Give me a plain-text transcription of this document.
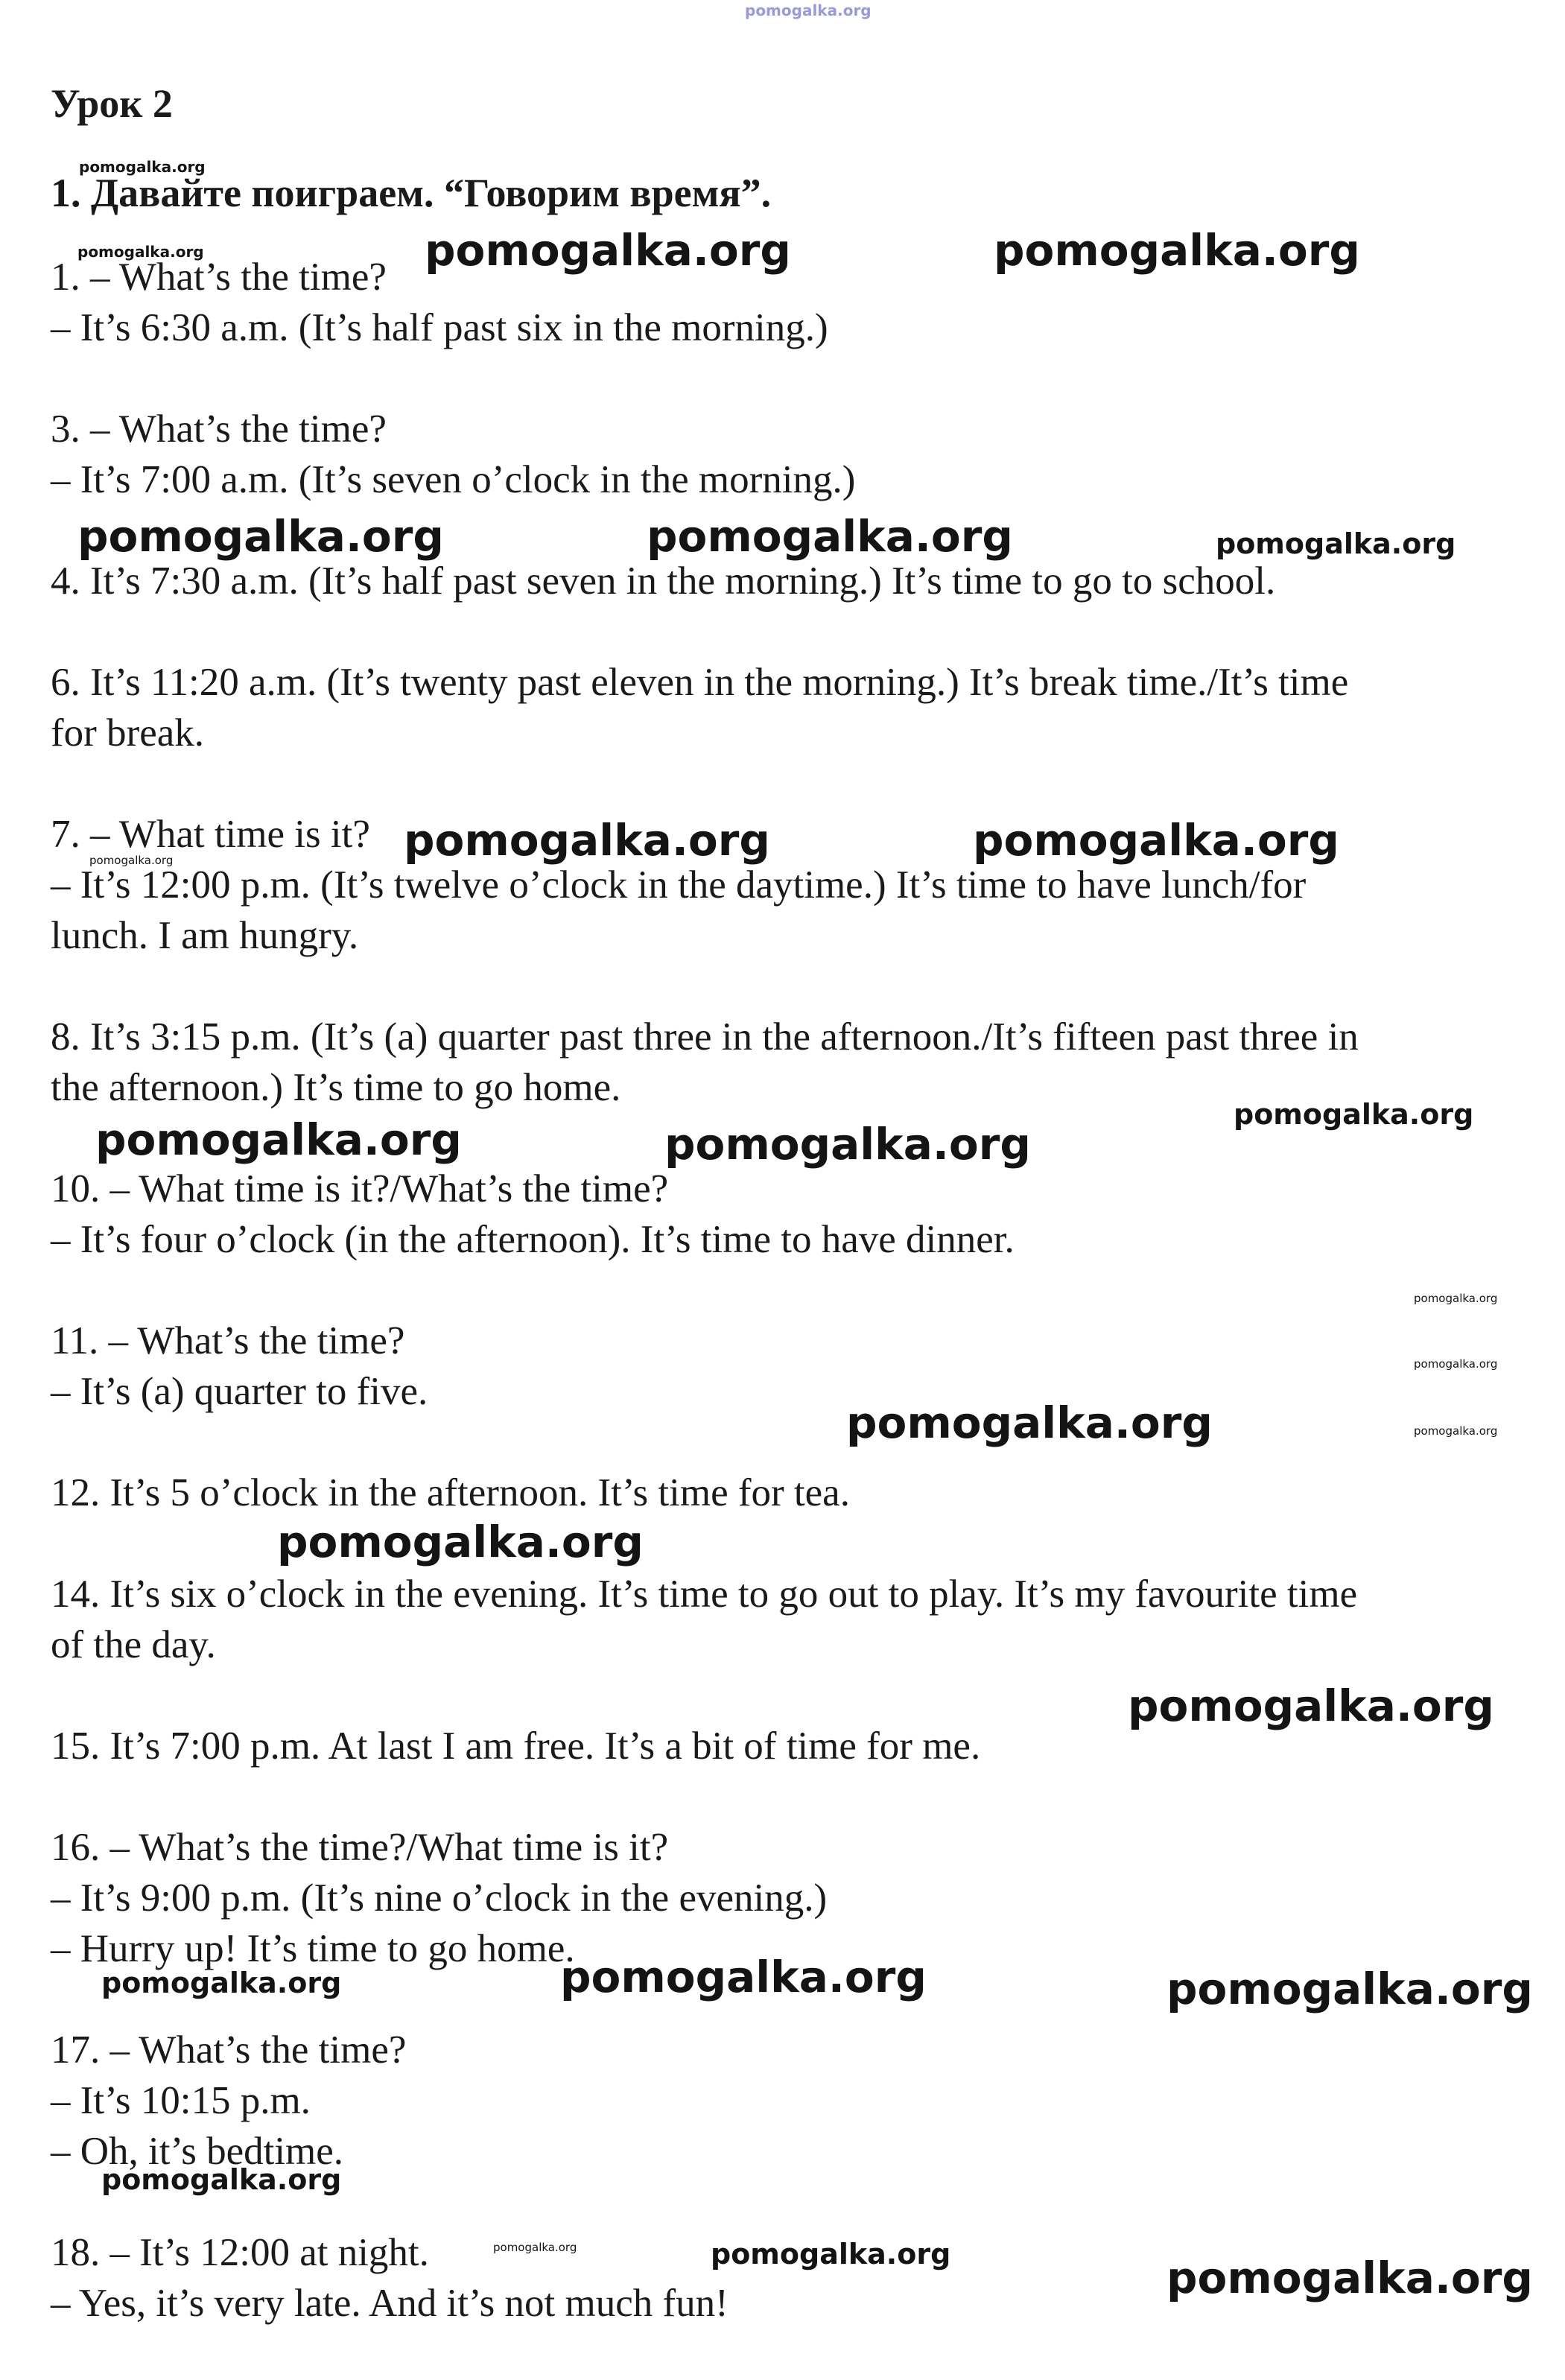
pomogalka.org
Урок 2
1. Давайте поиграем. “Говорим время”.
1. – What’s the time?
– It’s 6:30 a.m. (It’s half past six in the morning.)
3. – What’s the time?
– It’s 7:00 a.m. (It’s seven o’clock in the morning.)
4. It’s 7:30 a.m. (It’s half past seven in the morning.) It’s time to go to school.
6. It’s 11:20 a.m. (It’s twenty past eleven in the morning.) It’s break time./It’s time
for break.
7. – What time is it?
– It’s 12:00 p.m. (It’s twelve o’clock in the daytime.) It’s time to have lunch/for
lunch. I am hungry.
8. It’s 3:15 p.m. (It’s (a) quarter past three in the afternoon./It’s fifteen past three in
the afternoon.) It’s time to go home.
10. – What time is it?/What’s the time?
– It’s four o’clock (in the afternoon). It’s time to have dinner.
11. – What’s the time?
– It’s (a) quarter to five.
12. It’s 5 o’clock in the afternoon. It’s time for tea.
14. It’s six o’clock in the evening. It’s time to go out to play. It’s my favourite time
of the day.
15. It’s 7:00 p.m. At last I am free. It’s a bit of time for me.
16. – What’s the time?/What time is it?
– It’s 9:00 p.m. (It’s nine o’clock in the evening.)
– Hurry up! It’s time to go home.
17. – What’s the time?
– It’s 10:15 p.m.
– Oh, it’s bedtime.
18. – It’s 12:00 at night.
– Yes, it’s very late. And it’s not much fun!
pomogalka.org
pomogalka.org	pomogalka.org	pomogalka.org
pomogalka.org	pomogalka.org	pomogalka.org
pomogalka.org	pomogalka.org
pomogalka.org
pomogalka.org
pomogalka.org	pomogalka.org
pomogalka.org
pomogalka.org
pomogalka.org
pomogalka.org
pomogalka.org
pomogalka.org
pomogalka.org	pomogalka.org	pomogalka.org
pomogalka.org
pomogalka.org	pomogalka.org	pomogalka.org
